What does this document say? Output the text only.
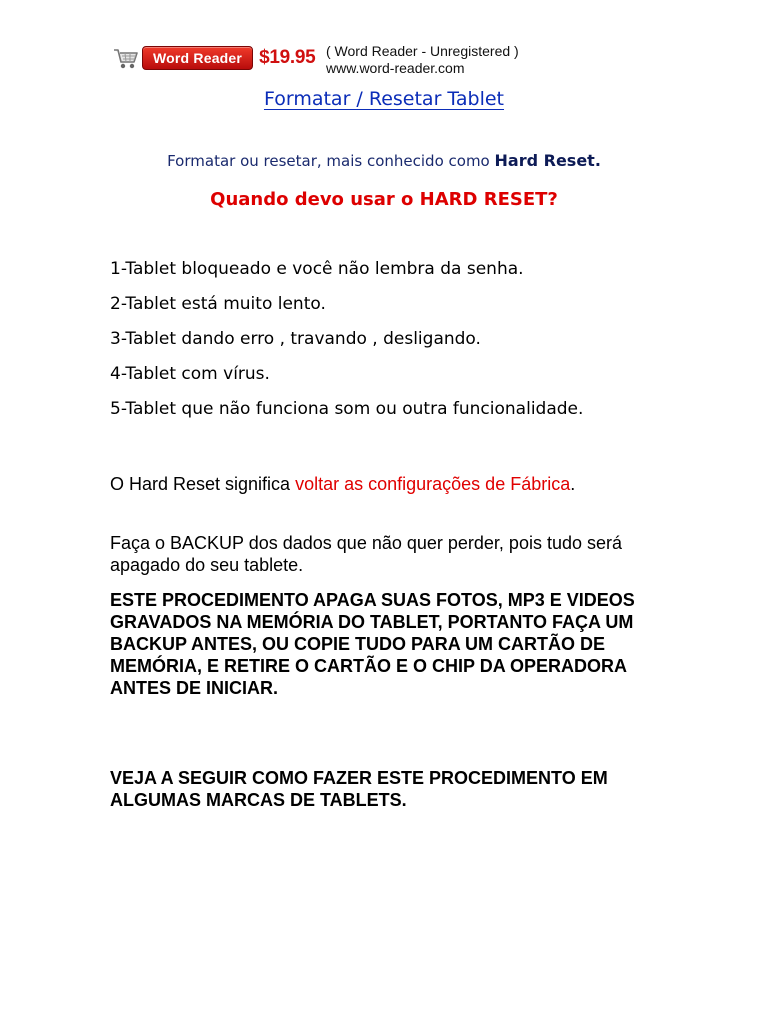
Word Reader $19.95 ( Word Reader - Unregistered )
www.word-reader.com
Formatar / Resetar Tablet
Formatar ou resetar, mais conhecido como Hard Reset.
Quando devo usar o HARD RESET?
1-Tablet bloqueado e você não lembra da senha.
2-Tablet está muito lento.
3-Tablet dando erro , travando , desligando.
4-Tablet com vírus.
5-Tablet que não funciona som ou outra funcionalidade.
O Hard Reset significa voltar as configurações de Fábrica.
Faça o BACKUP dos dados que não quer perder, pois tudo será apagado do seu tablete.
ESTE PROCEDIMENTO APAGA SUAS FOTOS, MP3 E VIDEOS GRAVADOS NA MEMÓRIA DO TABLET, PORTANTO FAÇA UM BACKUP ANTES, OU COPIE TUDO PARA UM CARTÃO DE MEMÓRIA, E RETIRE O CARTÃO E O CHIP DA OPERADORA ANTES DE INICIAR.
VEJA A SEGUIR COMO FAZER ESTE PROCEDIMENTO EM ALGUMAS MARCAS DE TABLETS.
